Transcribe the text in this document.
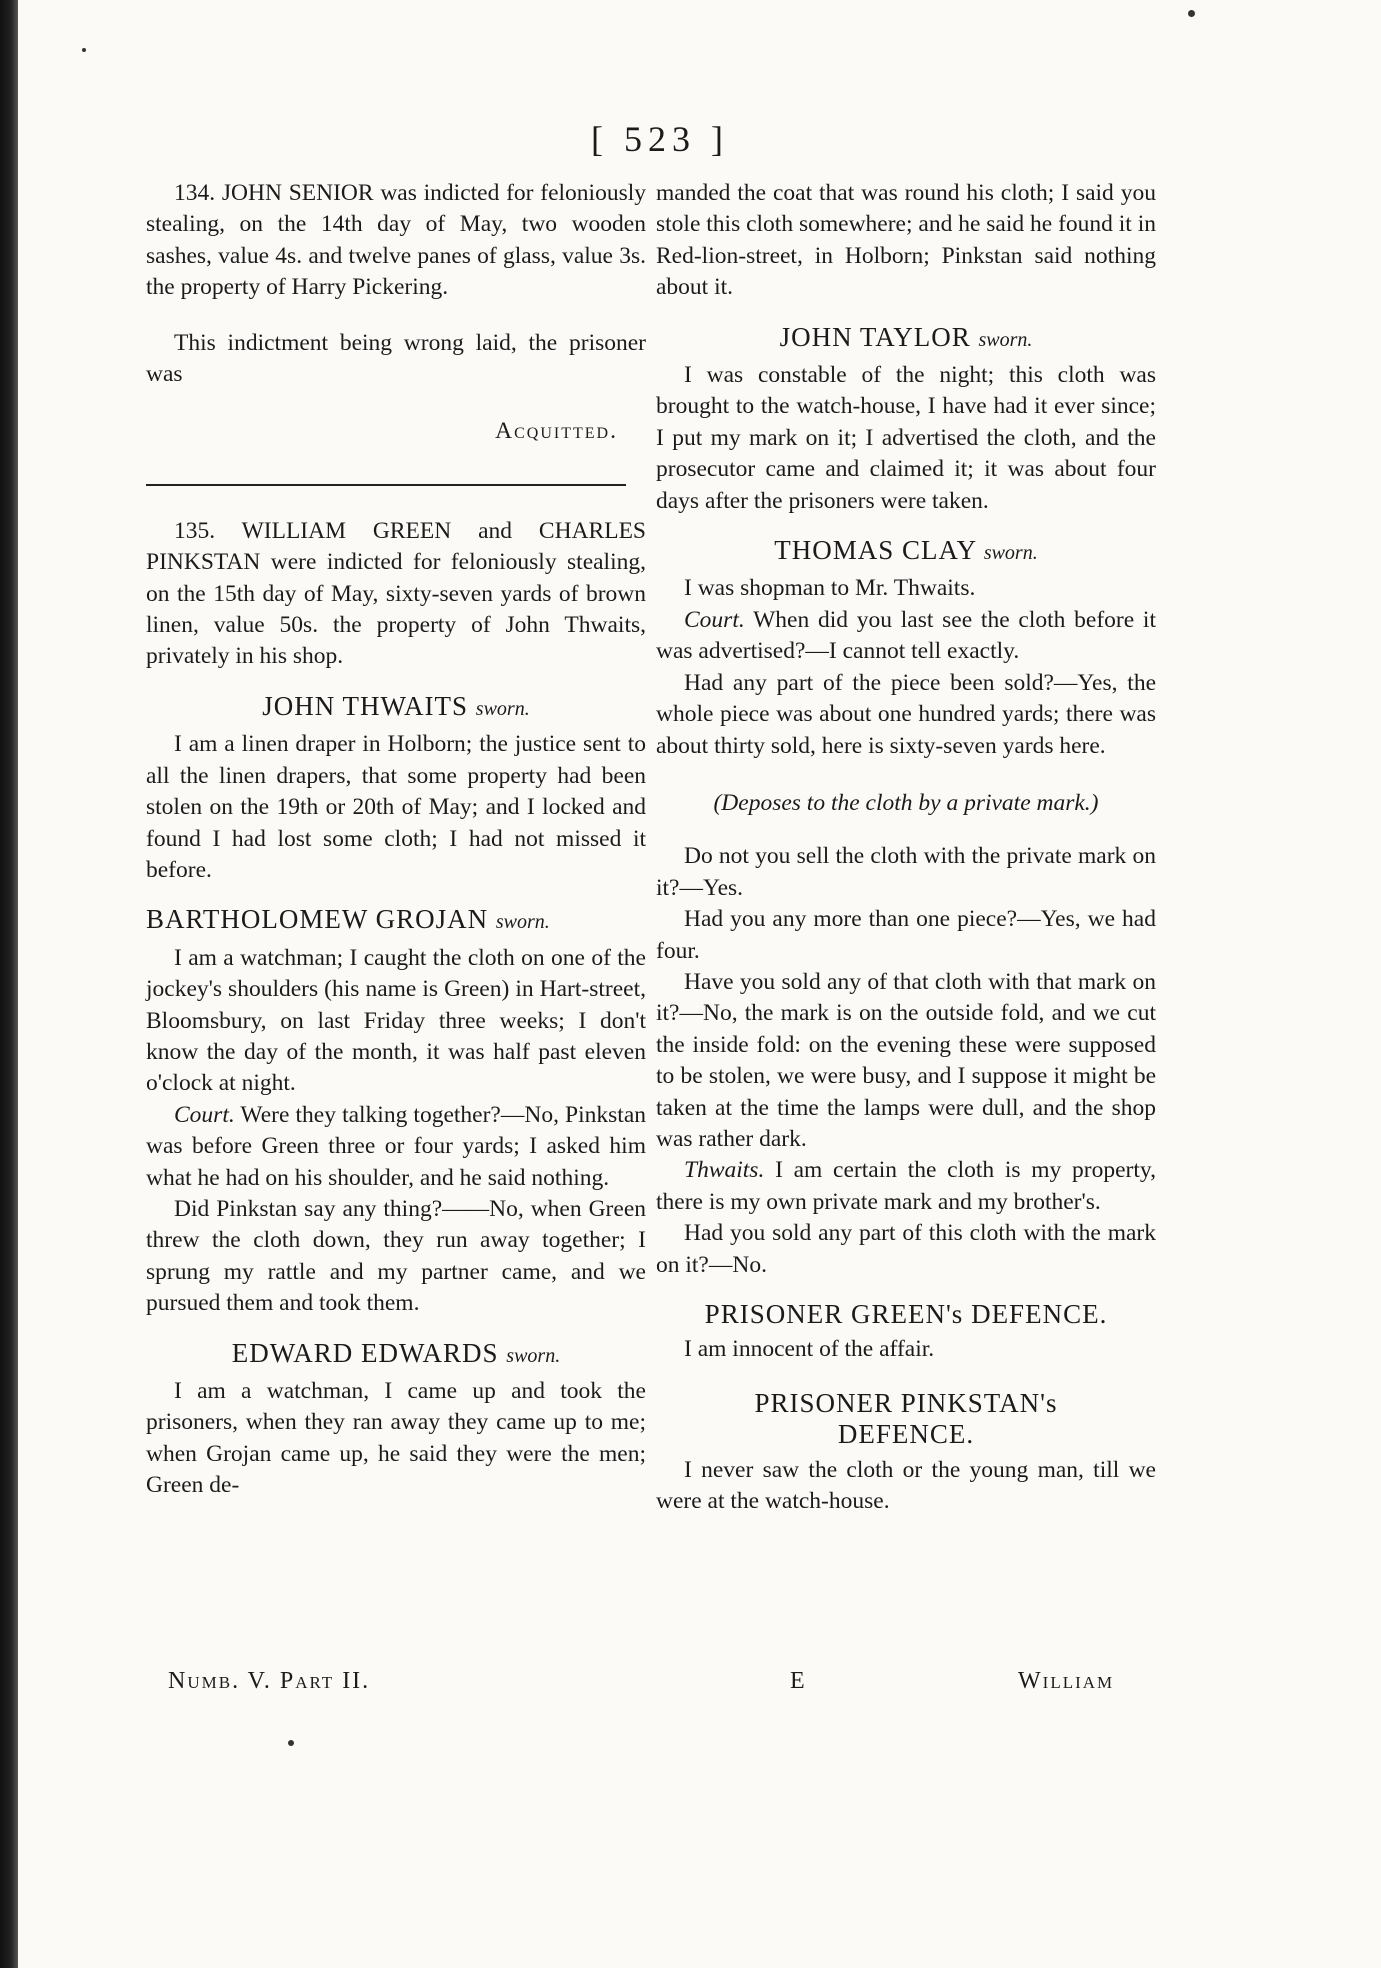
[ 523 ]

134. JOHN SENIOR was indicted for feloniously stealing, on the 14th day of May, two wooden sashes, value 4s. and twelve panes of glass, value 3s. the property of Harry Pickering.

This indictment being wrong laid, the prisoner was

Acquitted.

135. WILLIAM GREEN and CHARLES PINKSTAN were indicted for feloniously stealing, on the 15th day of May, sixty-seven yards of brown linen, value 50s. the property of John Thwaits, privately in his shop.

JOHN THWAITS sworn.

I am a linen draper in Holborn; the justice sent to all the linen drapers, that some property had been stolen on the 19th or 20th of May; and I locked and found I had lost some cloth; I had not missed it before.

BARTHOLOMEW GROJAN sworn.

I am a watchman; I caught the cloth on one of the jockey's shoulders (his name is Green) in Hart-street, Bloomsbury, on last Friday three weeks; I don't know the day of the month, it was half past eleven o'clock at night.

Court. Were they talking together?—No, Pinkstan was before Green three or four yards; I asked him what he had on his shoulder, and he said nothing.

Did Pinkstan say any thing?——No, when Green threw the cloth down, they run away together; I sprung my rattle and my partner came, and we pursued them and took them.

EDWARD EDWARDS sworn.

I am a watchman, I came up and took the prisoners, when they ran away they came up to me; when Grojan came up, he said they were the men; Green de-

manded the coat that was round his cloth; I said you stole this cloth somewhere; and he said he found it in Red-lion-street, in Holborn; Pinkstan said nothing about it.

JOHN TAYLOR sworn.

I was constable of the night; this cloth was brought to the watch-house, I have had it ever since; I put my mark on it; I advertised the cloth, and the prosecutor came and claimed it; it was about four days after the prisoners were taken.

THOMAS CLAY sworn.

I was shopman to Mr. Thwaits.

Court. When did you last see the cloth before it was advertised?—I cannot tell exactly.

Had any part of the piece been sold?—Yes, the whole piece was about one hundred yards; there was about thirty sold, here is sixty-seven yards here.

(Deposes to the cloth by a private mark.)

Do not you sell the cloth with the private mark on it?—Yes.

Had you any more than one piece?—Yes, we had four.

Have you sold any of that cloth with that mark on it?—No, the mark is on the outside fold, and we cut the inside fold: on the evening these were supposed to be stolen, we were busy, and I suppose it might be taken at the time the lamps were dull, and the shop was rather dark.

Thwaits. I am certain the cloth is my property, there is my own private mark and my brother's.

Had you sold any part of this cloth with the mark on it?—No.

PRISONER GREEN's DEFENCE.

I am innocent of the affair.

PRISONER PINKSTAN's
DEFENCE.

I never saw the cloth or the young man, till we were at the watch-house.

Numb. V. Part II.	E	William
